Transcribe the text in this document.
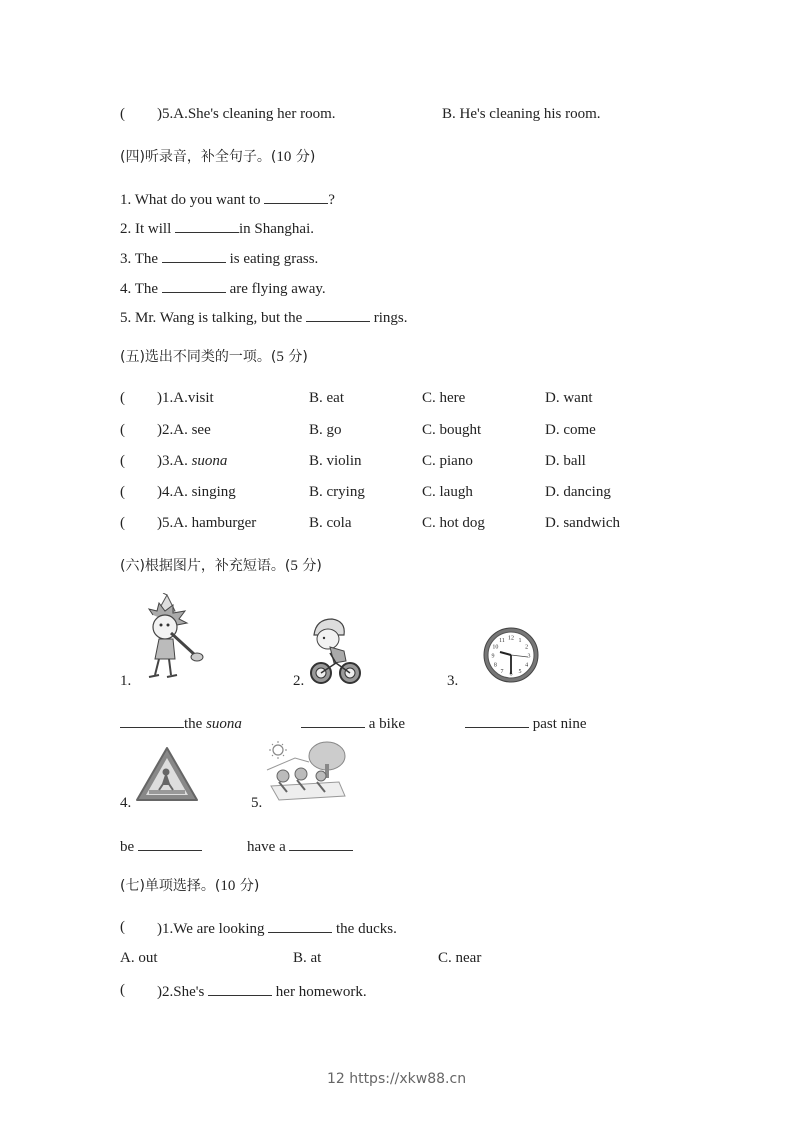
( )5.A.She's cleaning her room.	B. He's cleaning his room.
(四)听录音，补全句子。(10 分)
1. What do you want to	?
2. It will	in Shanghai.
3. The	is eating grass.
4. The	are flying away.
5. Mr. Wang is talking, but the	rings.
(五)选出不同类的一项。(5 分)
( )1.A.visit	B. eat	C. here	D. want
( )2.A. see	B. go	C. bought	D. come
( )3.A. suona	B. violin	C. piano	D. ball
( )4.A. singing	B. crying	C. laugh	D. dancing
( )5.A. hamburger	B. cola	C. hot dog	D. sandwich
(六)根据图片，补充短语。(5 分)
1.
the suona
2.
a bike
3.
12 1
2
3
4
5
6
7
8
9
10
11
past nine
4.
be
5.
have a
(七)单项选择。(10 分)
( )1.We are looking	the ducks.
A. out	B. at	C. near
( )2.She's	her homework.
12 https://xkw88.cn
